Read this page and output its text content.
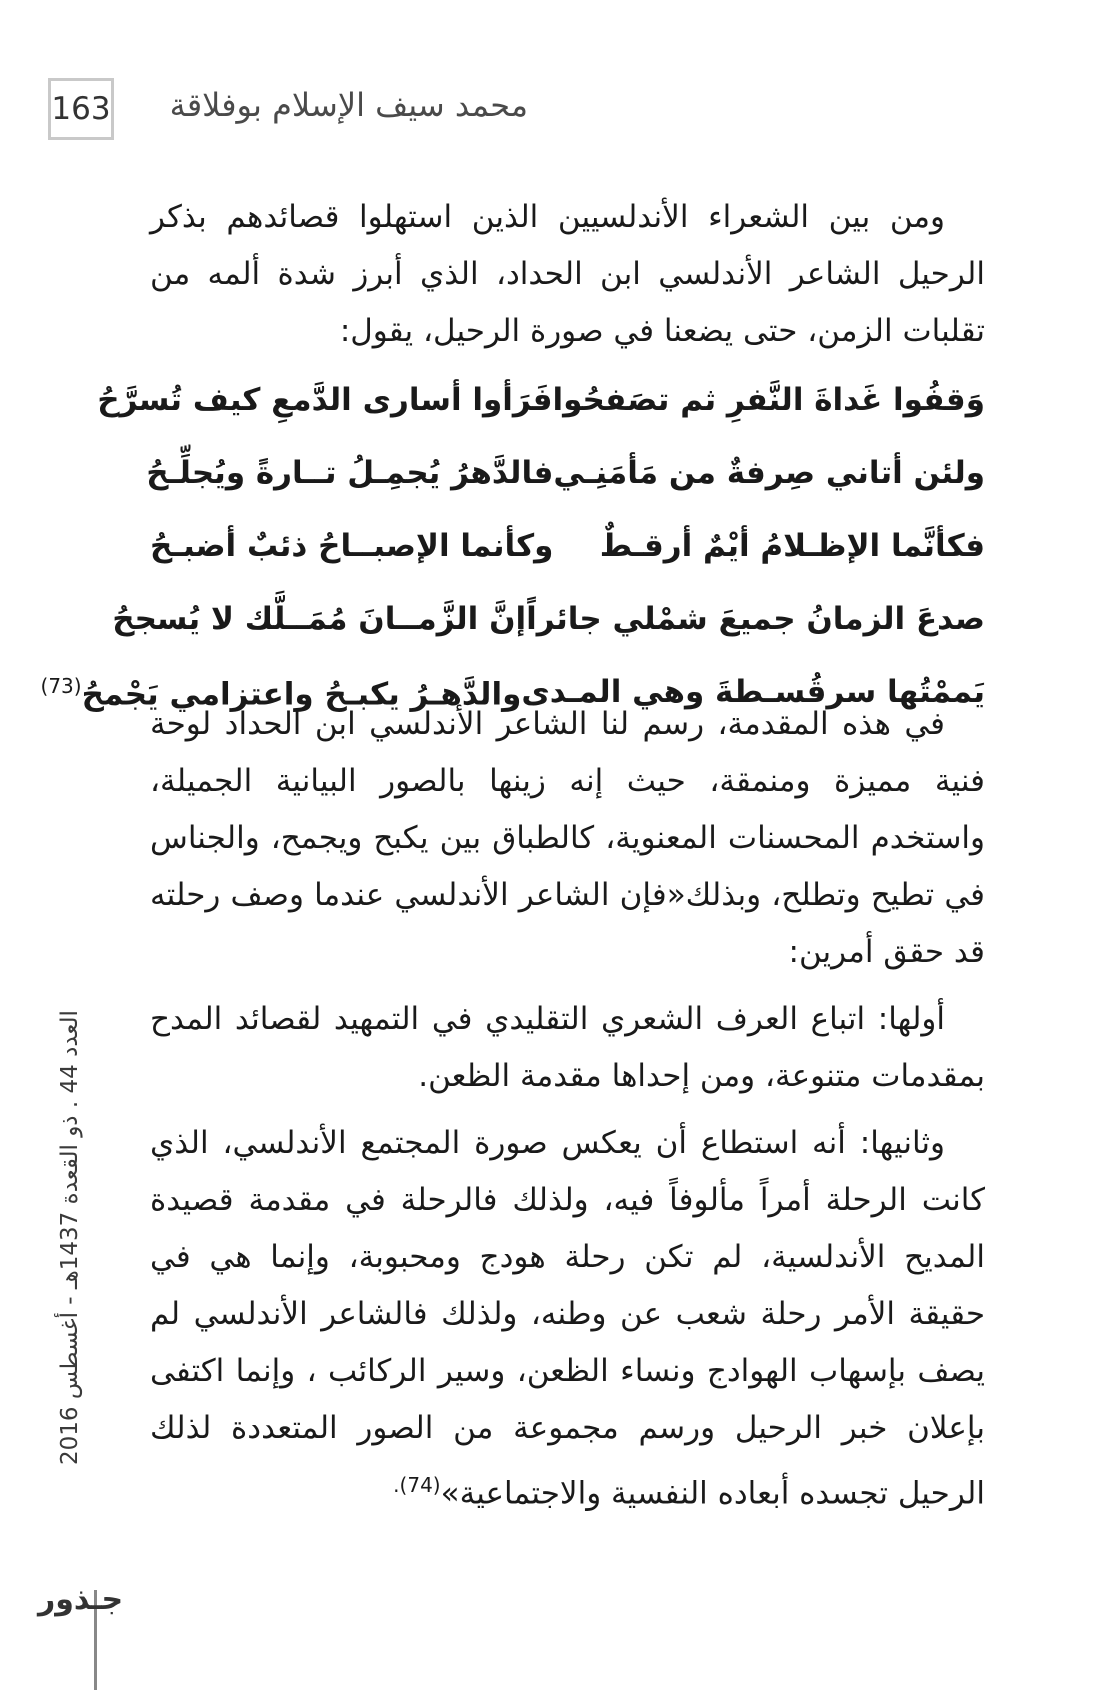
163 محمد سيف الإسلام بوفلاقة

ومن بين الشعراء الأندلسيين الذين استهلوا قصائدهم بذكر الرحيل الشاعر الأندلسي ابن الحداد، الذي أبرز شدة ألمه من تقلبات الزمن، حتى يضعنا في صورة الرحيل، يقول:

وَقفُوا غَداةَ النَّفرِ ثم تصَفحُوا
فَرَأوا أسارى الدَّمعِ كيف تُسرَّحُ
ولئن أتاني صِرفةٌ من مَأمَنِـي
فالدَّهرُ يُجمِـلُ تــارةً ويُجلِّـحُ
فكأنَّما الإظـلامُ أيْمٌ أرقـطٌ
وكأنما الإصبــاحُ ذئبٌ أضبـحُ
صدعَ الزمانُ جميعَ شمْلي جائراً
إنَّ الزَّمــانَ مُمَــلَّك لا يُسجحُ
يَممْتُها سرقُسـطةَ وهي المـدى
والدَّهـرُ يكبـحُ واعتزامي يَجْمحُ$^{(73)}$

في هذه المقدمة، رسم لنا الشاعر الأندلسي ابن الحداد لوحة فنية مميزة ومنمقة، حيث إنه زينها بالصور البيانية الجميلة، واستخدم المحسنات المعنوية، كالطباق بين يكبح ويجمح، والجناس في تطيح وتطلح، وبذلك«فإن الشاعر الأندلسي عندما وصف رحلته قد حقق أمرين:

أولها: اتباع العرف الشعري التقليدي في التمهيد لقصائد المدح بمقدمات متنوعة، ومن إحداها مقدمة الظعن.

وثانيها: أنه استطاع أن يعكس صورة المجتمع الأندلسي، الذي كانت الرحلة أمراً مألوفاً فيه، ولذلك فالرحلة في مقدمة قصيدة المديح الأندلسية، لم تكن رحلة هودج ومحبوبة، وإنما هي في حقيقة الأمر رحلة شعب عن وطنه، ولذلك فالشاعر الأندلسي لم يصف بإسهاب الهوادج ونساء الظعن، وسير الركائب ، وإنما اكتفى بإعلان خبر الرحيل ورسم مجموعة من الصور المتعددة لذلك الرحيل تجسده أبعاده النفسية والاجتماعية»$^{(74).}$

العدد 44 . ذو القعدة 1437هـ - أغسطس 2016
جـذور
